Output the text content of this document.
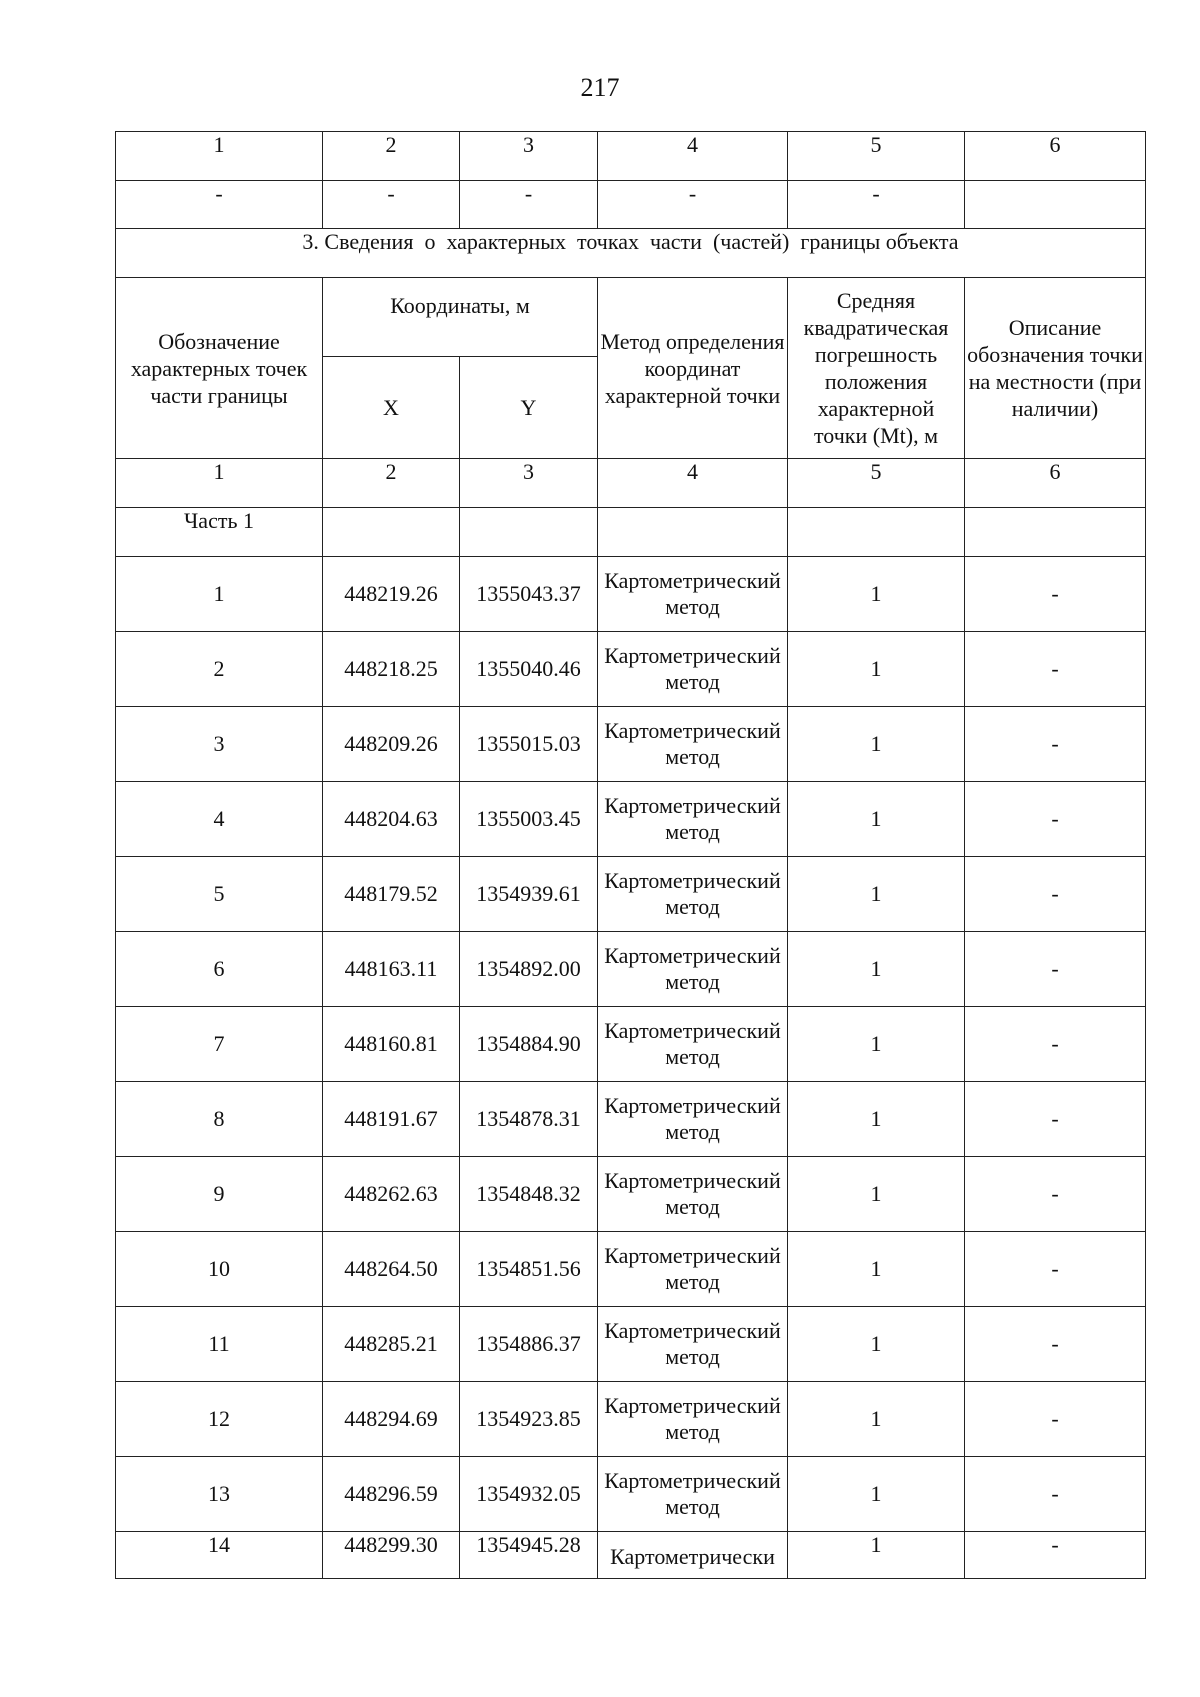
217
1	2	3	4	5	6
-	-	-	-	-	
3. Сведения  о  характерных  точках  части  (частей)  границы объекта					
Обозначение характерных точек части границы	Координаты, м		Метод определения координат характерной точки	Средняя квадратическая погрешность положения характерной точки (Mt), м	Описание обозначения точки на местности (при наличии)
	X	Y			
1	2	3	4	5	6
Часть 1					
1	448219.26	1355043.37	Картометрический метод	1	-
2	448218.25	1355040.46	Картометрический метод	1	-
3	448209.26	1355015.03	Картометрический метод	1	-
4	448204.63	1355003.45	Картометрический метод	1	-
5	448179.52	1354939.61	Картометрический метод	1	-
6	448163.11	1354892.00	Картометрический метод	1	-
7	448160.81	1354884.90	Картометрический метод	1	-
8	448191.67	1354878.31	Картометрический метод	1	-
9	448262.63	1354848.32	Картометрический метод	1	-
10	448264.50	1354851.56	Картометрический метод	1	-
11	448285.21	1354886.37	Картометрический метод	1	-
12	448294.69	1354923.85	Картометрический метод	1	-
13	448296.59	1354932.05	Картометрический метод	1	-
14	448299.30	1354945.28	Картометрически	1	-
